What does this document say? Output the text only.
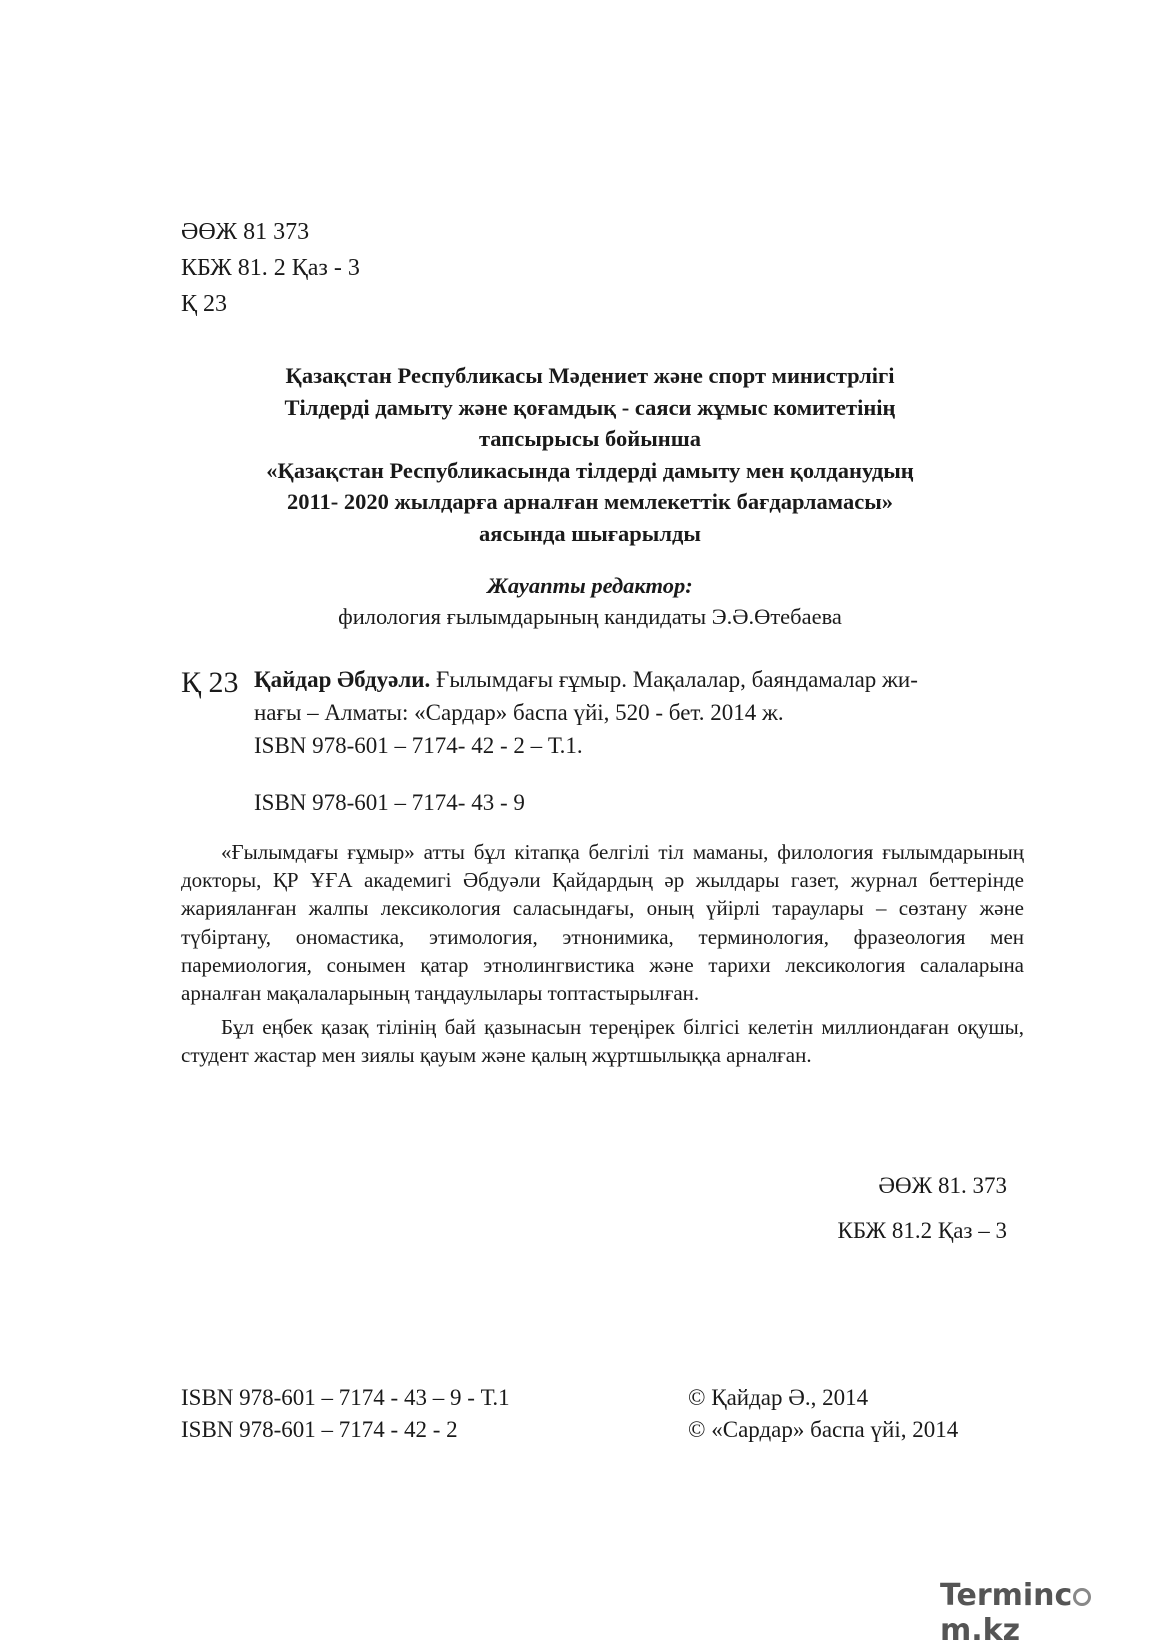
ӘӨЖ 81 373
КБЖ 81. 2 Қаз - 3
Қ 23
Қазақстан Республикасы Мәдениет және спорт министрлігі
Тілдерді дамыту және қоғамдық - саяси жұмыс комитетінің
тапсырысы бойынша
«Қазақстан Республикасында тілдерді дамыту мен қолданудың
2011- 2020 жылдарға арналған мемлекеттік бағдарламасы»
аясында шығарылды
Жауапты редактор:
филология ғылымдарының кандидаты Э.Ә.Өтебаева
Қ 23 Қайдар Әбдуәли. Ғылымдағы ғұмыр. Мақалалар, баяндамалар жи-
нағы – Алматы: «Сардар» баспа үйі, 520 - бет. 2014 ж.
ISBN 978-601 – 7174- 42 - 2 – Т.1.
ISBN 978-601 – 7174- 43 - 9

«Ғылымдағы ғұмыр» атты бұл кітапқа белгілі тіл маманы, филология ғылымдарының докторы, ҚР ҰҒА академигі Әбдуәли Қайдардың әр жылдары газет, журнал беттерінде жарияланған жалпы лексикология саласындағы, оның үйірлі тараулары – сөзтану және түбіртану, ономастика, этимология, этнонимика, терминология, фразеология мен паремиология, сонымен қатар этнолингвистика және тарихи лексикология салаларына арналған мақалаларының таңдаулылары топтастырылған.

Бұл еңбек қазақ тілінің бай қазынасын тереңірек білгісі келетін миллиондаған оқушы, студент жастар мен зиялы қауым және қалың жұртшылыққа арналған.

ӘӨЖ 81. 373
КБЖ 81.2 Қаз – 3
ISBN 978-601 – 7174 - 43 – 9 - Т.1
ISBN 978-601 – 7174 - 42 - 2
© Қайдар Ә., 2014
© «Сардар» баспа үйі, 2014
Termincm.kz
